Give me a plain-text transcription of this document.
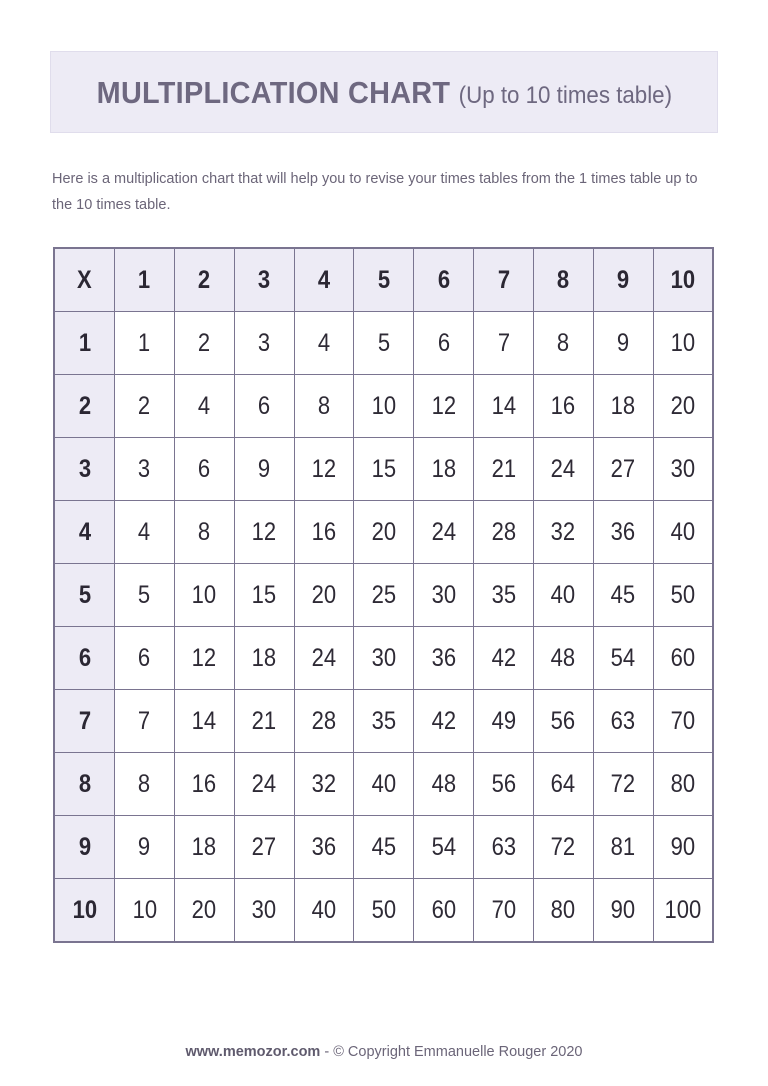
MULTIPLICATION CHART (Up to 10 times table)
Here is a multiplication chart that will help you to revise your times tables from the 1 times table up to the 10 times table.
X	1	2	3	4	5	6	7	8	9	10
1	1	2	3	4	5	6	7	8	9	10
2	2	4	6	8	10	12	14	16	18	20
3	3	6	9	12	15	18	21	24	27	30
4	4	8	12	16	20	24	28	32	36	40
5	5	10	15	20	25	30	35	40	45	50
6	6	12	18	24	30	36	42	48	54	60
7	7	14	21	28	35	42	49	56	63	70
8	8	16	24	32	40	48	56	64	72	80
9	9	18	27	36	45	54	63	72	81	90
10	10	20	30	40	50	60	70	80	90	100
www.memozor.com - © Copyright Emmanuelle Rouger 2020
